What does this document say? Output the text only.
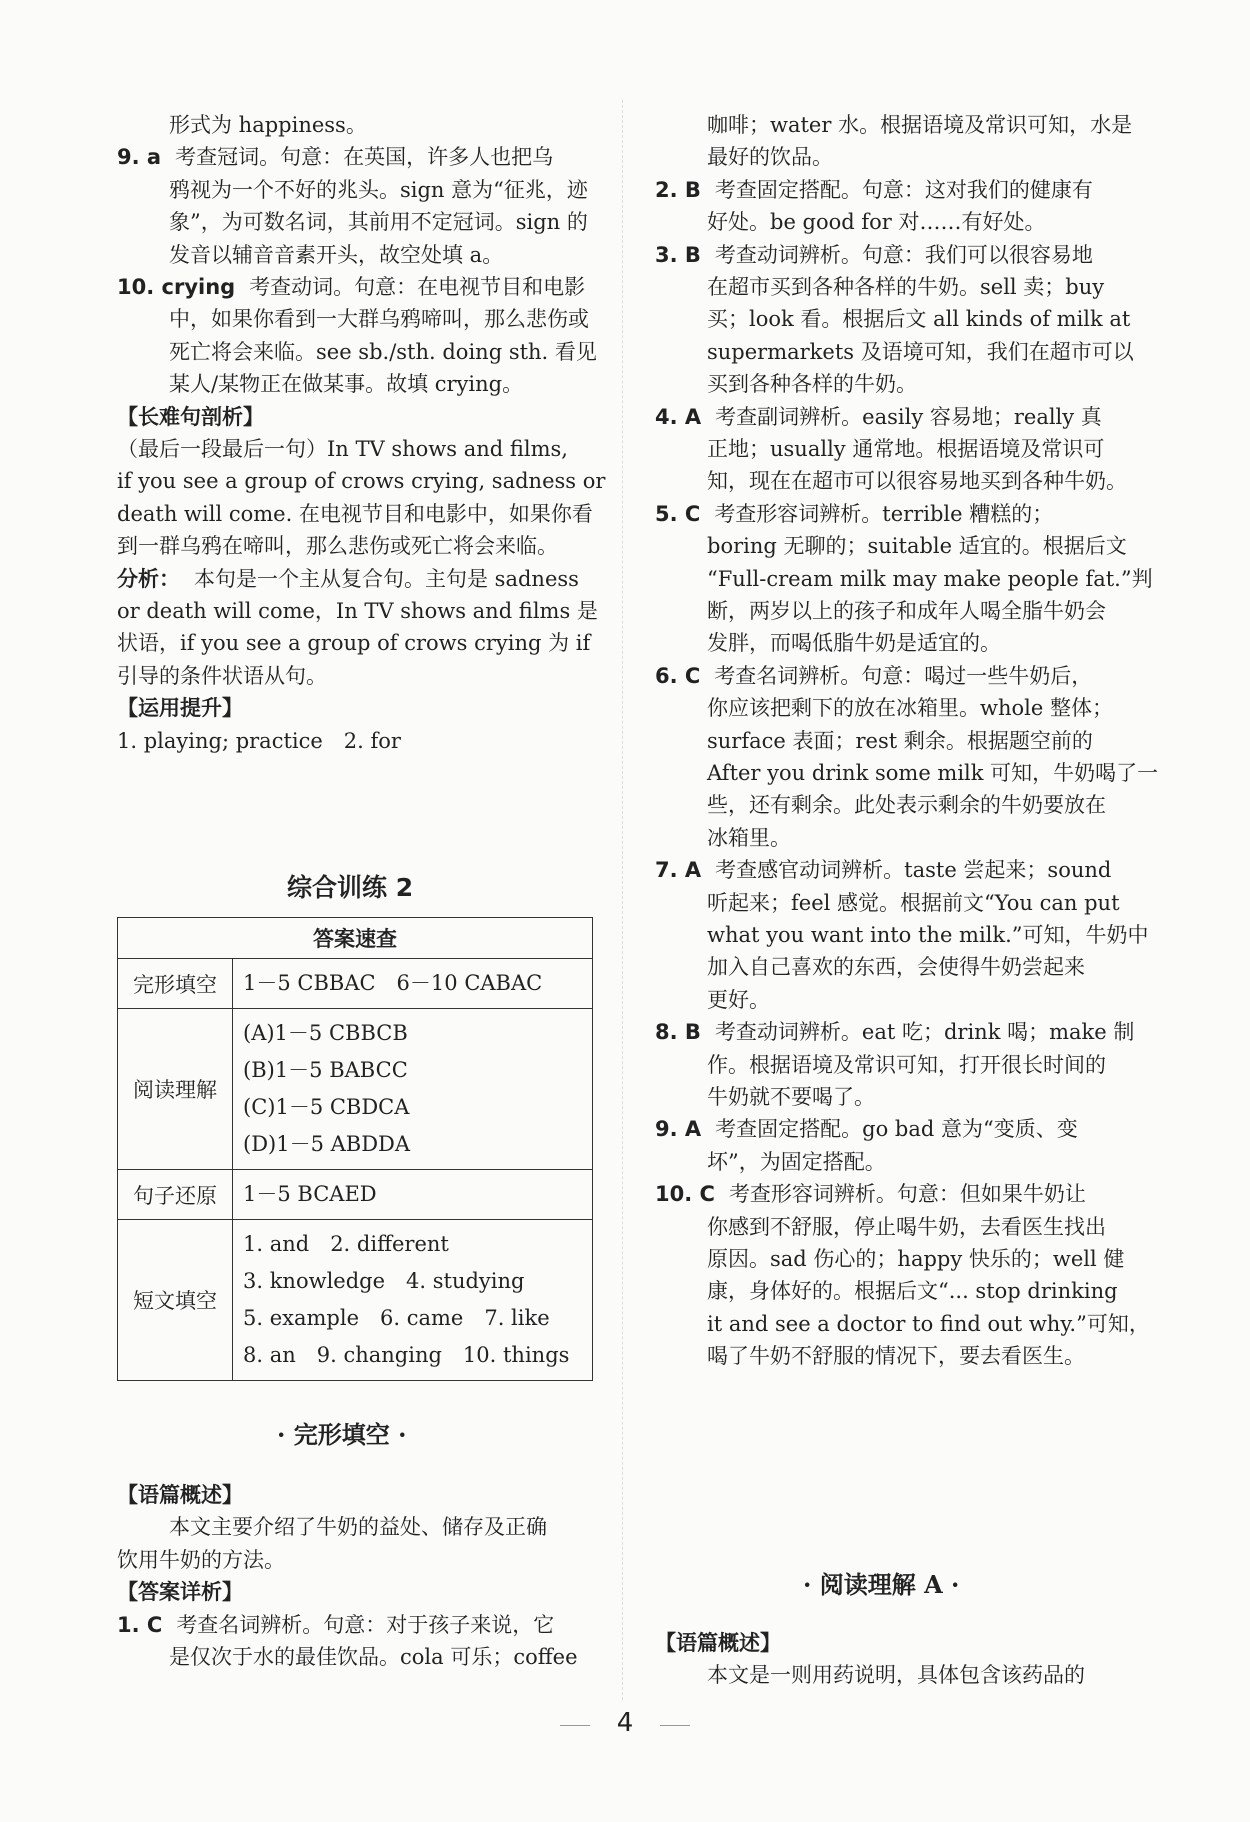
形式为 happiness。
9. a 考查冠词。句意：在英国，许多人也把乌
鸦视为一个不好的兆头。sign 意为“征兆，迹
象”，为可数名词，其前用不定冠词。sign 的
发音以辅音音素开头，故空处填 a。
10. crying 考查动词。句意：在电视节目和电影
中，如果你看到一大群乌鸦啼叫，那么悲伤或
死亡将会来临。see sb./sth. doing sth. 看见
某人/某物正在做某事。故填 crying。
【长难句剖析】
（最后一段最后一句）In TV shows and films,
if you see a group of crows crying, sadness or
death will come. 在电视节目和电影中，如果你看
到一群乌鸦在啼叫，那么悲伤或死亡将会来临。
分析： 本句是一个主从复合句。主句是 sadness
or death will come，In TV shows and films 是
状语，if you see a group of crows crying 为 if
引导的条件状语从句。
【运用提升】
1. playing; practice　2. for
综合训练 2
· 完形填空 ·
【语篇概述】
本文主要介绍了牛奶的益处、储存及正确
饮用牛奶的方法。
【答案详析】
1. C 考查名词辨析。句意：对于孩子来说，它
是仅次于水的最佳饮品。cola 可乐；coffee
咖啡；water 水。根据语境及常识可知，水是
最好的饮品。
2. B 考查固定搭配。句意：这对我们的健康有
好处。be good for 对……有好处。
3. B 考查动词辨析。句意：我们可以很容易地
在超市买到各种各样的牛奶。sell 卖；buy
买；look 看。根据后文 all kinds of milk at
supermarkets 及语境可知，我们在超市可以
买到各种各样的牛奶。
4. A 考查副词辨析。easily 容易地；really 真
正地；usually 通常地。根据语境及常识可
知，现在在超市可以很容易地买到各种牛奶。
5. C 考查形容词辨析。terrible 糟糕的；
boring 无聊的；suitable 适宜的。根据后文
“Full-cream milk may make people fat.”判
断，两岁以上的孩子和成年人喝全脂牛奶会
发胖，而喝低脂牛奶是适宜的。
6. C 考查名词辨析。句意：喝过一些牛奶后，
你应该把剩下的放在冰箱里。whole 整体；
surface 表面；rest 剩余。根据题空前的
After you drink some milk 可知，牛奶喝了一
些，还有剩余。此处表示剩余的牛奶要放在
冰箱里。
7. A 考查感官动词辨析。taste 尝起来；sound
听起来；feel 感觉。根据前文“You can put
what you want into the milk.”可知，牛奶中
加入自己喜欢的东西，会使得牛奶尝起来
更好。
8. B 考查动词辨析。eat 吃；drink 喝；make 制
作。根据语境及常识可知，打开很长时间的
牛奶就不要喝了。
9. A 考查固定搭配。go bad 意为“变质、变
坏”，为固定搭配。
10. C 考查形容词辨析。句意：但如果牛奶让
你感到不舒服，停止喝牛奶，去看医生找出
原因。sad 伤心的；happy 快乐的；well 健
康，身体好的。根据后文“... stop drinking
it and see a doctor to find out why.”可知，
喝了牛奶不舒服的情况下，要去看医生。
· 阅读理解 A ·
【语篇概述】
本文是一则用药说明，具体包含该药品的
答案速查	
完形填空	1－5 CBBAC　6－10 CABAC

阅读理解	(A)1－5 CBBCB
(B)1－5 BABCC
(C)1－5 CBDCA
(D)1－5 ABDDA

句子还原	1－5 BCAED

短文填空	1. and　2. different
3. knowledge　4. studying
5. example　6. came　7. like
8. an　9. changing　10. things
4
